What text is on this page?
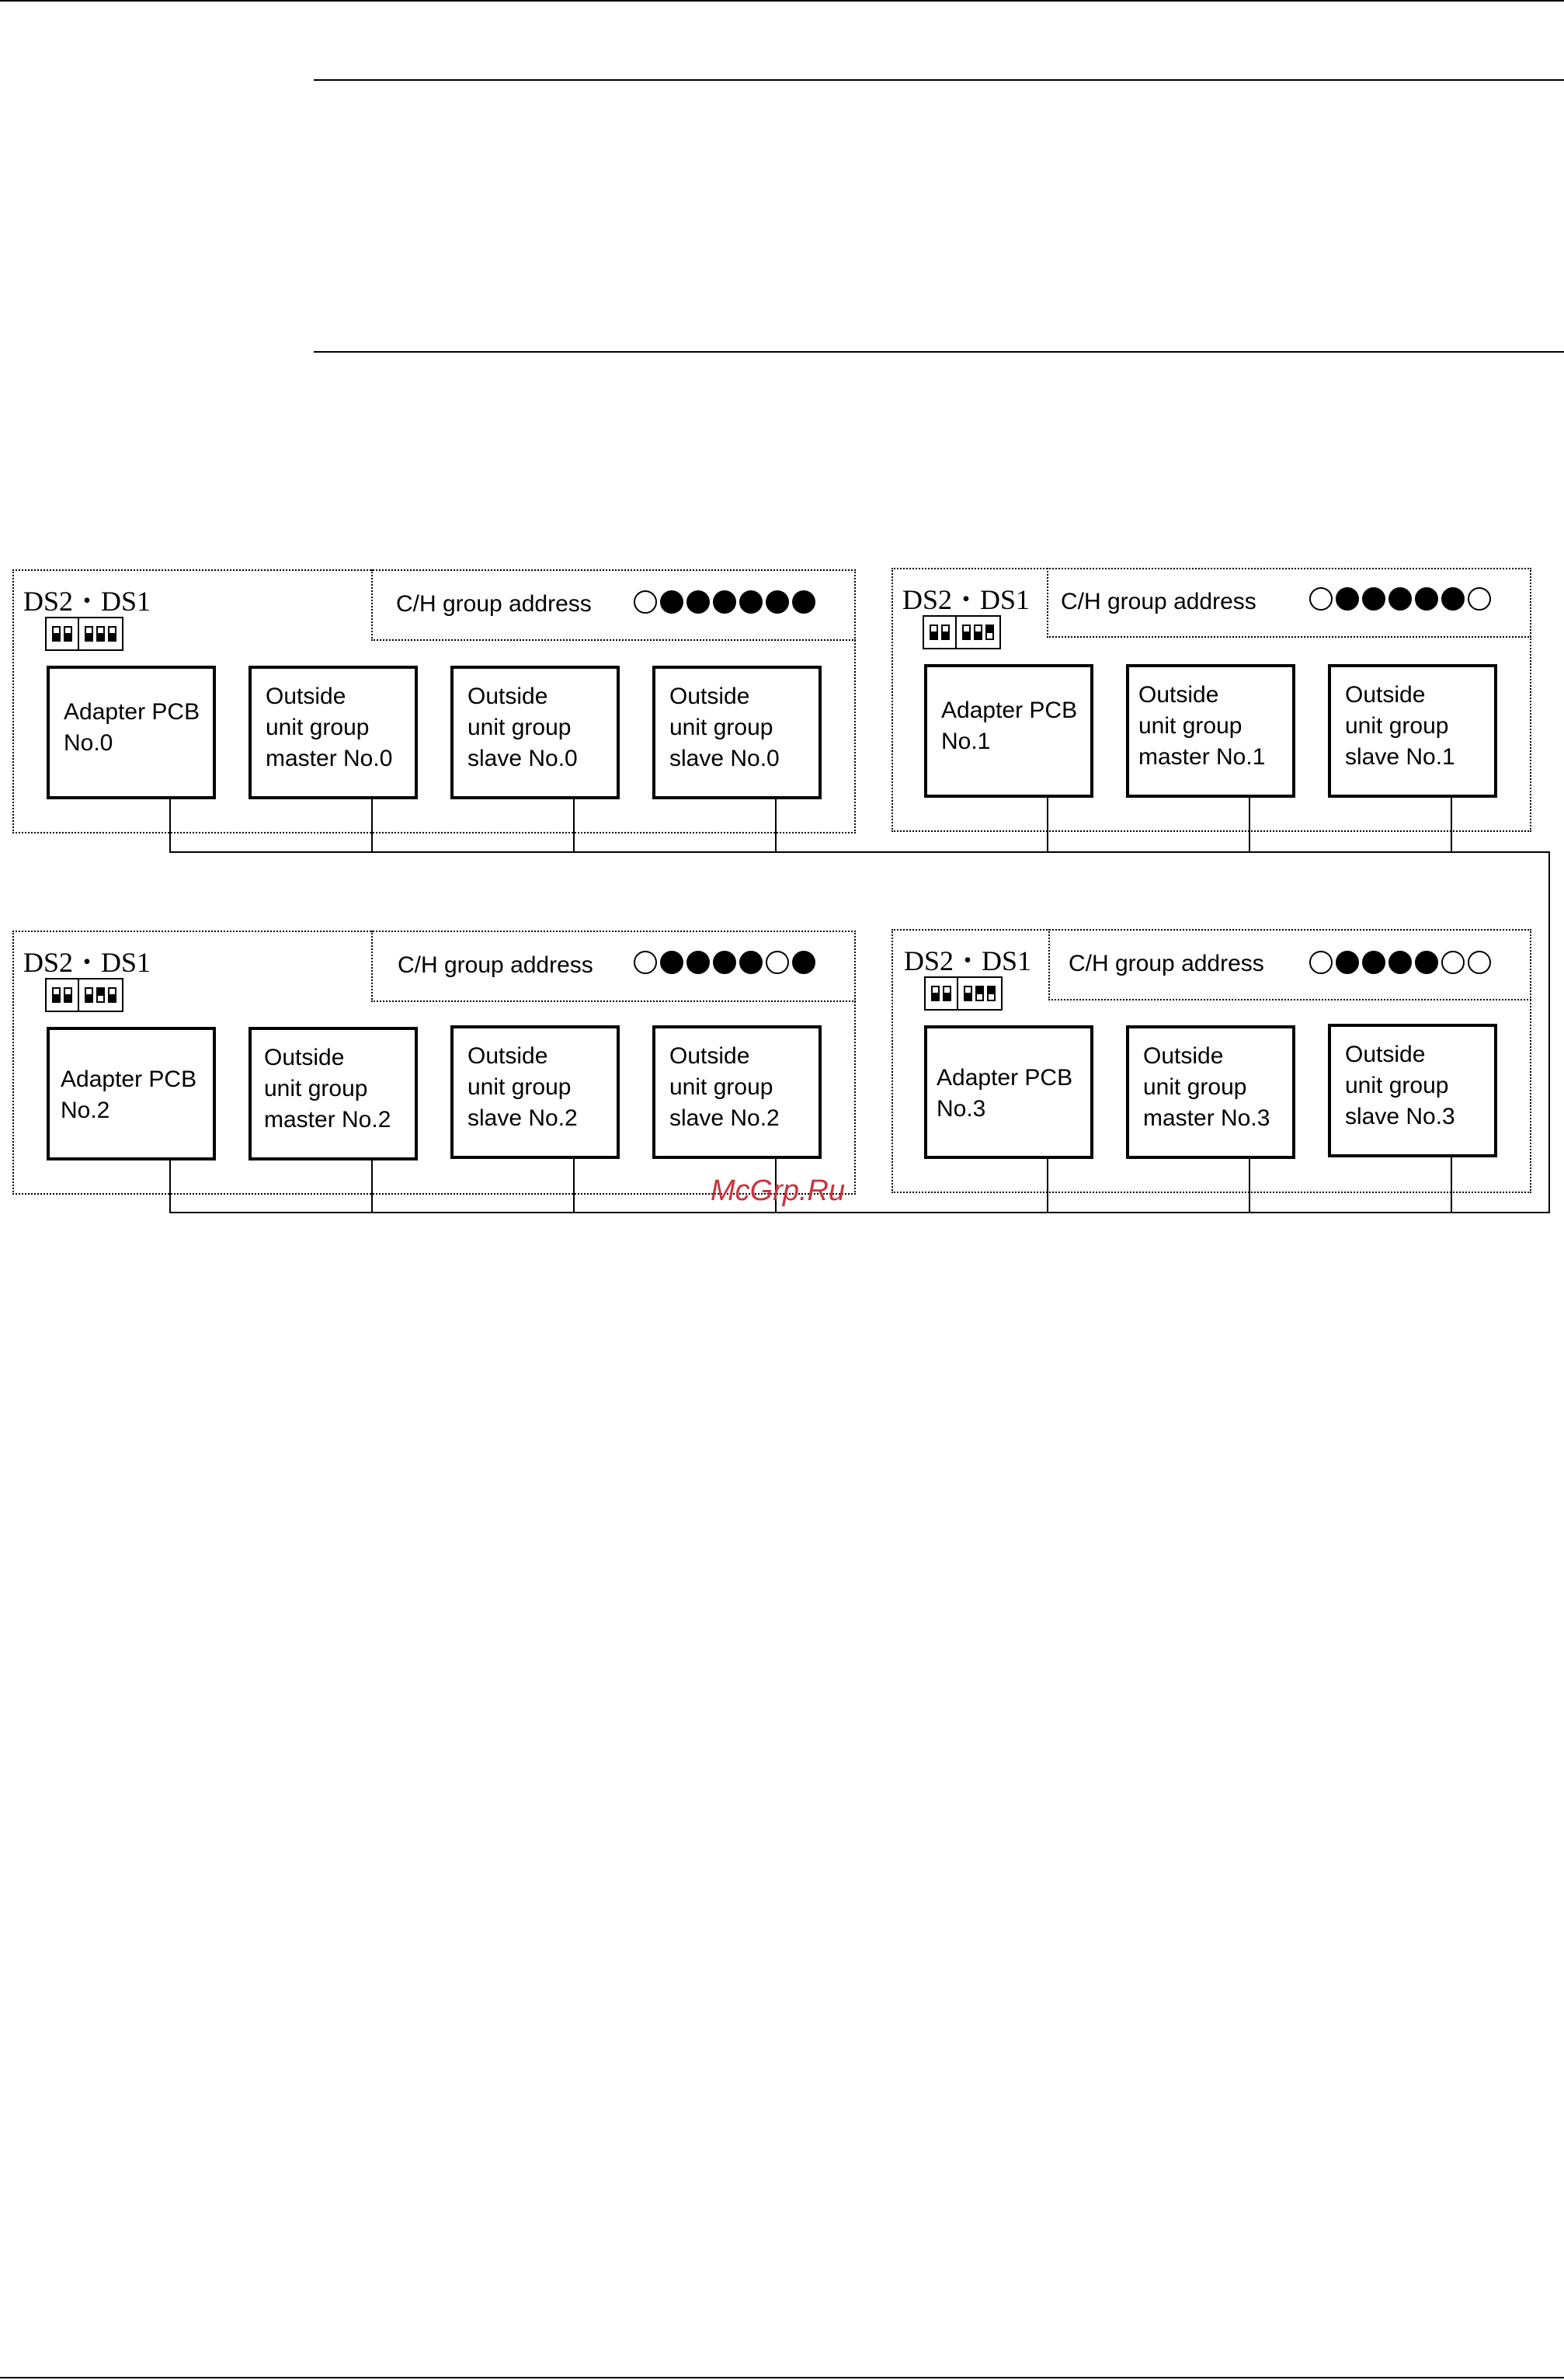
DS2・DS1	C/H group address
Adapter PCB
No.0
Outside
unit group
master No.0
Outside
unit group
slave No.0
Outside
unit group
slave No.0
DS2・DS1 C/H group address
Adapter PCB
No.1
Outside
unit group
master No.1
Outside
unit group
slave No.1
DS2・DS1	C/H group address
Adapter PCB
No.2
Outside
unit group
master No.2
Outside
unit group
slave No.2
Outside
unit group
slave No.2
DS2・DS1 C/H group address
Adapter PCB
No.3
Outside
unit group
master No.3
Outside
unit group
slave No.3
McGrp.Ru
